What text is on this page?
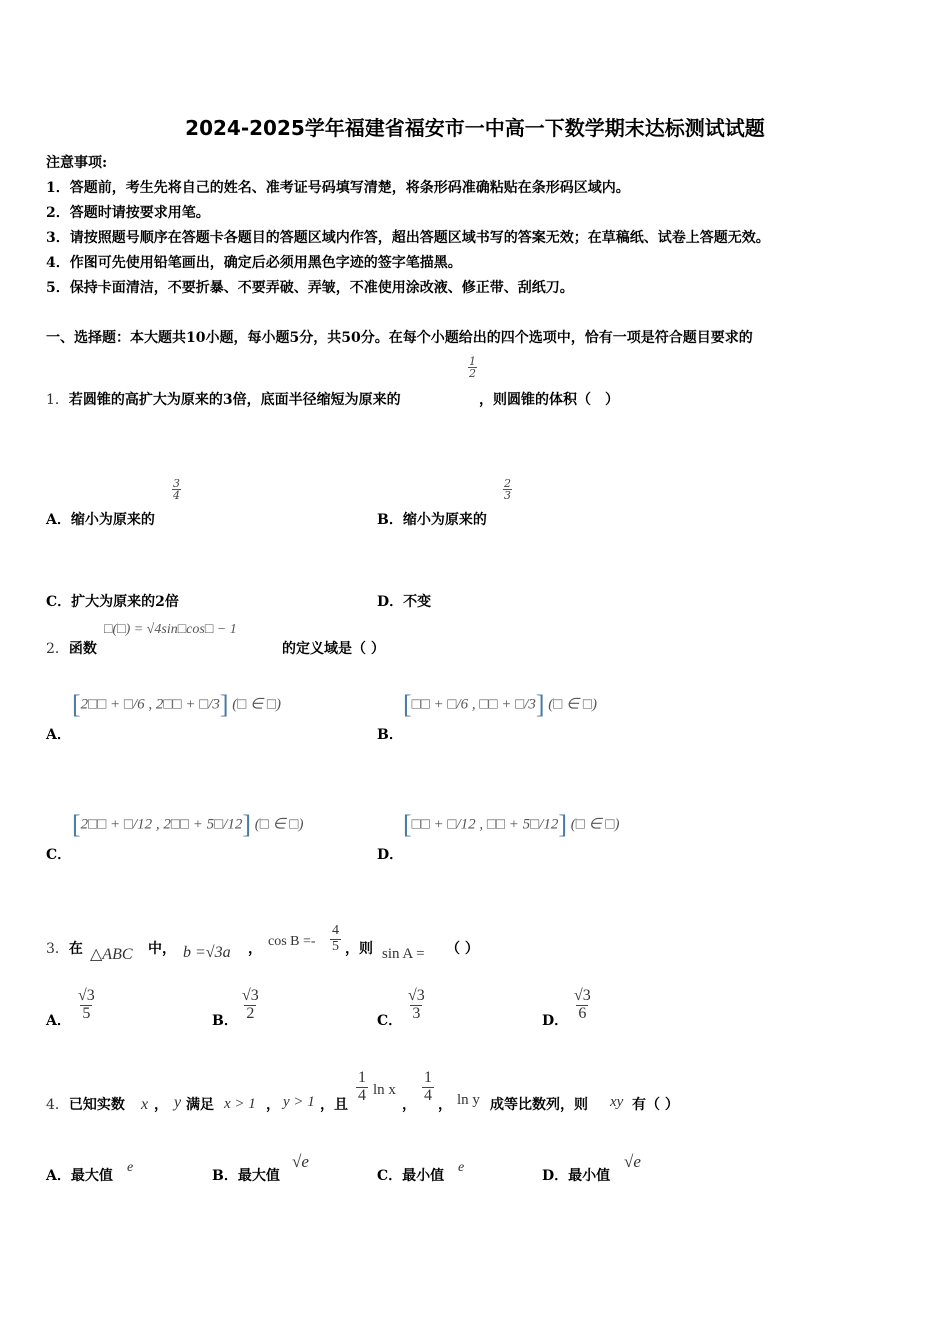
2024-2025学年福建省福安市一中高一下数学期末达标测试试题
注意事项:
1．答题前，考生先将自己的姓名、准考证号码填写清楚，将条形码准确粘贴在条形码区域内。
2．答题时请按要求用笔。
3．请按照题号顺序在答题卡各题目的答题区域内作答，超出答题区域书写的答案无效；在草稿纸、试卷上答题无效。
4．作图可先使用铅笔画出，确定后必须用黑色字迹的签字笔描黑。
5．保持卡面清洁，不要折暴、不要弄破、弄皱，不准使用涂改液、修正带、刮纸刀。
一、选择题：本大题共10小题，每小题5分，共50分。在每个小题给出的四个选项中，恰有一项是符合题目要求的
1．若圆锥的高扩大为原来的3倍，底面半径缩短为原来的
$\frac{1}{2}$
，则圆锥的体积（　）
A．缩小为原来的
$\frac{3}{4}$
B．缩小为原来的
$\frac{2}{3}$
C．扩大为原来的2倍	D．不变
2．函数
□(□) = √4sin□cos□ − 1
的定义域是（ ）
[2□□ + □/6 , 2□□ + □/3] (□ ∈ □)
A．
[□□ + □/6 , □□ + □/3] (□ ∈ □)
B．
[2□□ + □/12 , 2□□ + 5□/12] (□ ∈ □)
C．
[□□ + □/12 , □□ + 5□/12] (□ ∈ □)
D．
3．在 △ABC 中， b =√3a ， $\cos B =- \frac{4}{5}$ ，则 sin A = （ ）
A． $\frac{√3}{5}$	B． $\frac{√3}{2}$	C． $\frac{√3}{3}$	D． $\frac{√3}{6}$
4．已知实数 x ， y 满足 x > 1 ， y > 1 ，且
$\frac{1}{4}$ ln x
，
$\frac{1}{4}$
， ln y 成等比数列，则 xy 有（ ）
A．最大值
e
B．最大值
√e
C．最小值
e
D．最小值
√e
